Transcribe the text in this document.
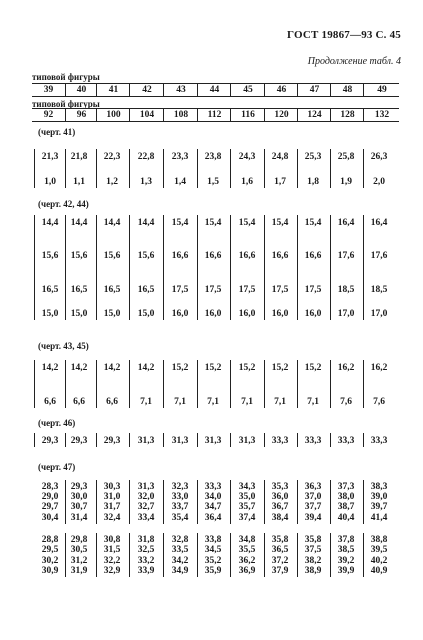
ГОСТ 19867—93 С. 45
Продолжение табл. 4
типовой фигуры
39	40	41	42	43	44	45	46	47	48	49
типовой фигуры
92	96	100	104	108	112	116	120	124	128	132
(черт. 41)
21,3	21,8	22,3	22,8	23,3	23,8	24,3	24,8	25,3	25,8	26,3
1,0	1,1	1,2	1,3	1,4	1,5	1,6	1,7	1,8	1,9	2,0
(черт. 42, 44)
14,4	14,4	14,4	14,4	15,4	15,4	15,4	15,4	15,4	16,4	16,4
15,6	15,6	15,6	15,6	16,6	16,6	16,6	16,6	16,6	17,6	17,6
16,5	16,5	16,5	16,5	17,5	17,5	17,5	17,5	17,5	18,5	18,5
15,0	15,0	15,0	15,0	16,0	16,0	16,0	16,0	16,0	17,0	17,0
(черт. 43, 45)
14,2	14,2	14,2	14,2	15,2	15,2	15,2	15,2	15,2	16,2	16,2
6,6	6,6	6,6	7,1	7,1	7,1	7,1	7,1	7,1	7,6	7,6
(черт. 46)
29,3	29,3	29,3	31,3	31,3	31,3	31,3	33,3	33,3	33,3	33,3
(черт. 47)
28,3	29,3	30,3	31,3	32,3	33,3	34,3	35,3	36,3	37,3	38,3
29,0	30,0	31,0	32,0	33,0	34,0	35,0	36,0	37,0	38,0	39,0
29,7	30,7	31,7	32,7	33,7	34,7	35,7	36,7	37,7	38,7	39,7
30,4	31,4	32,4	33,4	35,4	36,4	37,4	38,4	39,4	40,4	41,4
28,8	29,8	30,8	31,8	32,8	33,8	34,8	35,8	35,8	37,8	38,8
29,5	30,5	31,5	32,5	33,5	34,5	35,5	36,5	37,5	38,5	39,5
30,2	31,2	32,2	33,2	34,2	35,2	36,2	37,2	38,2	39,2	40,2
30,9	31,9	32,9	33,9	34,9	35,9	36,9	37,9	38,9	39,9	40,9
